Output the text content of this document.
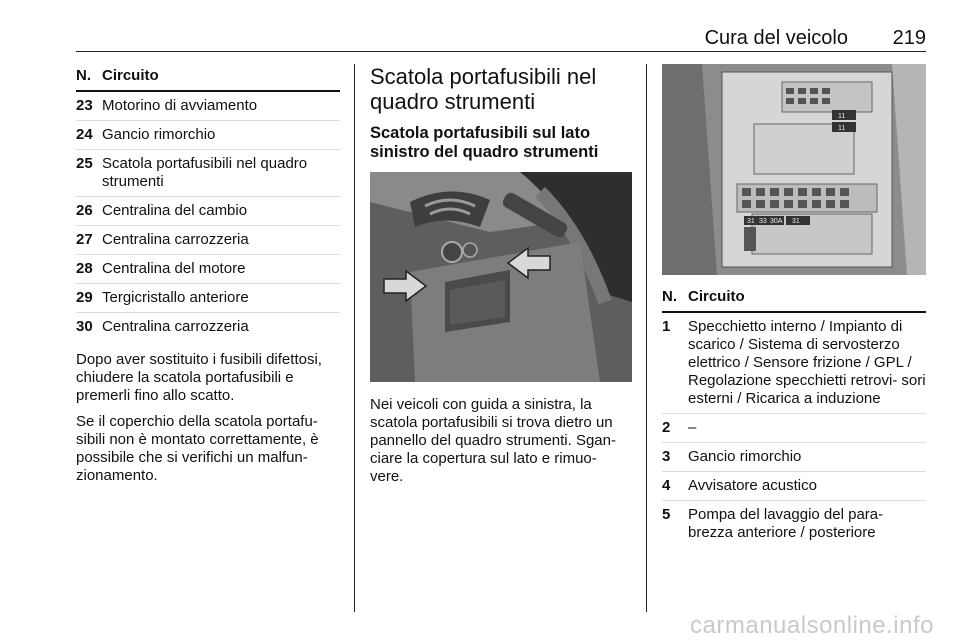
Cura del veicolo 219
N. Circuito
23 Motorino di avviamento
24 Gancio rimorchio
25 Scatola portafusibili nel quadro strumenti
26 Centralina del cambio
27 Centralina carrozzeria
28 Centralina del motore
29 Tergicristallo anteriore
30 Centralina carrozzeria

Dopo aver sostituito i fusibili difettosi, chiudere la scatola portafusibili e premerli fino allo scatto.

Se il coperchio della scatola portafu- sibili non è montato correttamente, è possibile che si verifichi un malfun- zionamento.

Scatola portafusibili nel quadro strumenti
Scatola portafusibili sul lato sinistro del quadro strumenti

Nei veicoli con guida a sinistra, la scatola portafusibili si trova dietro un pannello del quadro strumenti. Sgan- ciare la copertura sul lato e rimuo- vere.

11
11
31 33 30A 31
N. Circuito
1	Specchietto interno / Impianto di scarico / Sistema di servosterzo elettrico / Sensore frizione / GPL / Regolazione specchietti retrovi- sori esterni / Ricarica a induzione
2	–
3	Gancio rimorchio
4	Avvisatore acustico
5	Pompa del lavaggio del para- brezza anteriore / posteriore
carmanualsonline.info
